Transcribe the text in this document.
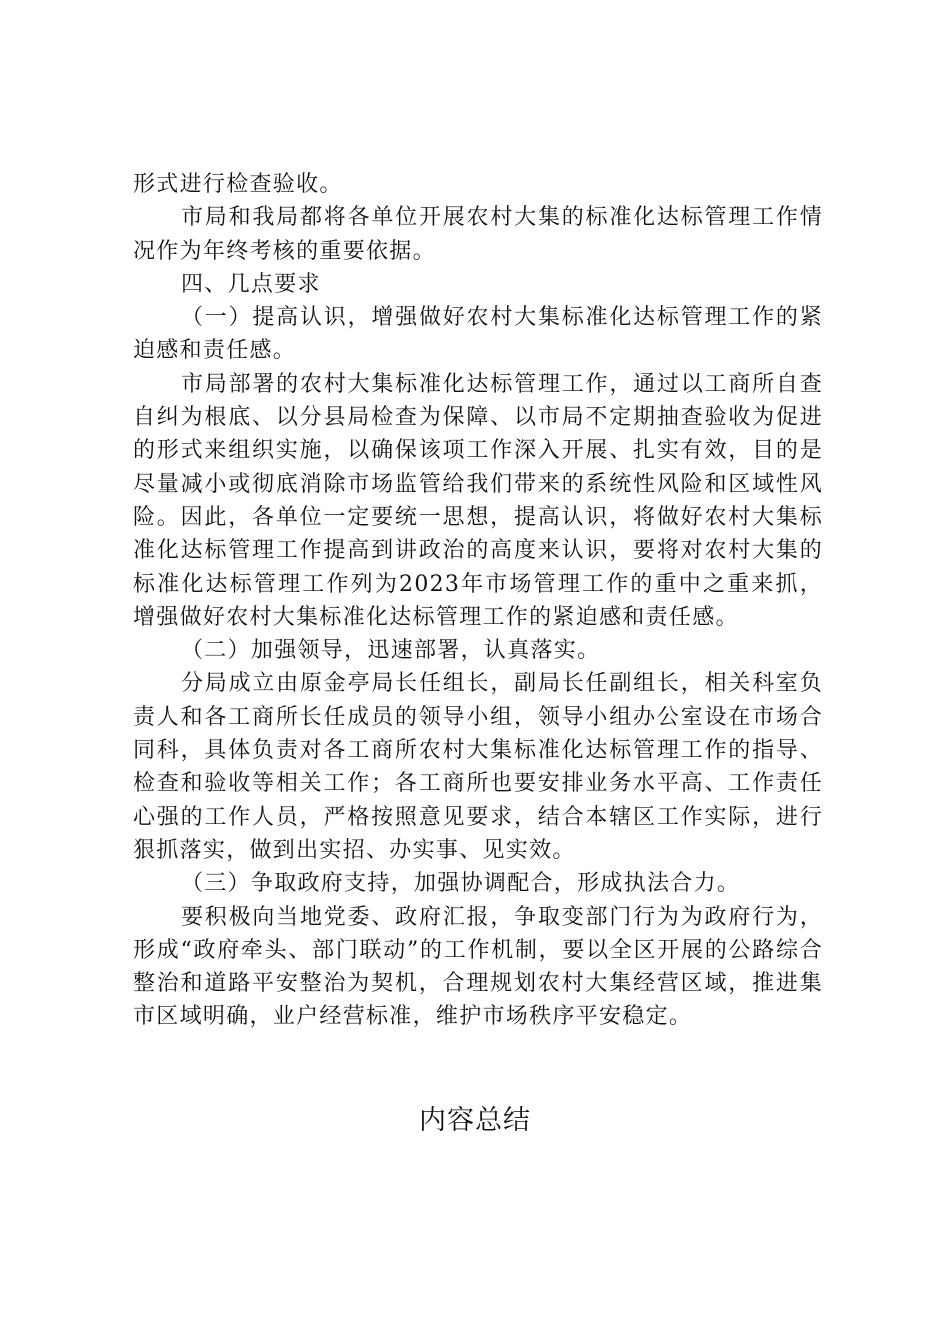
形式进行检查验收。

市局和我局都将各单位开展农村大集的标准化达标管理工作情况作为年终考核的重要依据。

四、几点要求

（一）提高认识，增强做好农村大集标准化达标管理工作的紧迫感和责任感。

市局部署的农村大集标准化达标管理工作，通过以工商所自查自纠为根底、以分县局检查为保障、以市局不定期抽查验收为促进的形式来组织实施，以确保该项工作深入开展、扎实有效，目的是尽量减小或彻底消除市场监管给我们带来的系统性风险和区域性风险。因此，各单位一定要统一思想，提高认识，将做好农村大集标准化达标管理工作提高到讲政治的高度来认识，要将对农村大集的标准化达标管理工作列为2023年市场管理工作的重中之重来抓，增强做好农村大集标准化达标管理工作的紧迫感和责任感。

（二）加强领导，迅速部署，认真落实。

分局成立由原金亭局长任组长，副局长任副组长，相关科室负责人和各工商所长任成员的领导小组，领导小组办公室设在市场合同科，具体负责对各工商所农村大集标准化达标管理工作的指导、检查和验收等相关工作；各工商所也要安排业务水平高、工作责任心强的工作人员，严格按照意见要求，结合本辖区工作实际，进行狠抓落实，做到出实招、办实事、见实效。

（三）争取政府支持，加强协调配合，形成执法合力。

要积极向当地党委、政府汇报，争取变部门行为为政府行为，形成“政府牵头、部门联动”的工作机制，要以全区开展的公路综合整治和道路平安整治为契机，合理规划农村大集经营区域，推进集市区域明确，业户经营标准，维护市场秩序平安稳定。

内容总结
